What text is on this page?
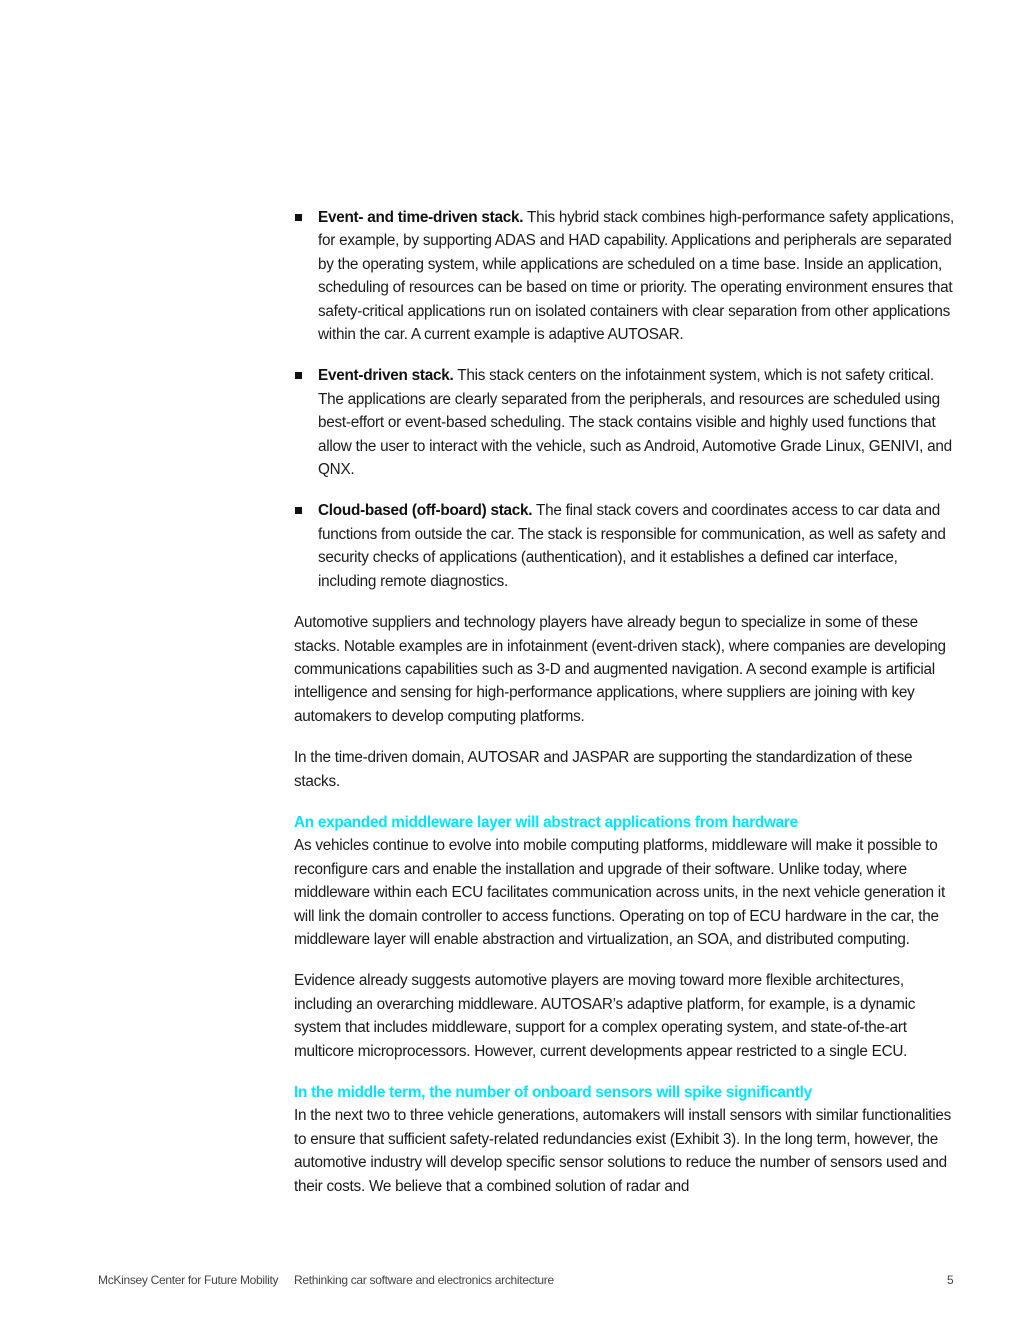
Event- and time-driven stack. This hybrid stack combines high-performance safety applications, for example, by supporting ADAS and HAD capability. Applications and peripherals are separated by the operating system, while applications are scheduled on a time base. Inside an application, scheduling of resources can be based on time or priority. The operating environment ensures that safety-critical applications run on isolated containers with clear separation from other applications within the car. A current example is adaptive AUTOSAR.
Event-driven stack. This stack centers on the infotainment system, which is not safety critical. The applications are clearly separated from the peripherals, and resources are scheduled using best-effort or event-based scheduling. The stack contains visible and highly used functions that allow the user to interact with the vehicle, such as Android, Automotive Grade Linux, GENIVI, and QNX.
Cloud-based (off-board) stack. The final stack covers and coordinates access to car data and functions from outside the car. The stack is responsible for communication, as well as safety and security checks of applications (authentication), and it establishes a defined car interface, including remote diagnostics.

Automotive suppliers and technology players have already begun to specialize in some of these stacks. Notable examples are in infotainment (event-driven stack), where companies are developing communications capabilities such as 3-D and augmented navigation. A second example is artificial intelligence and sensing for high-performance applications, where suppliers are joining with key automakers to develop computing platforms.

In the time-driven domain, AUTOSAR and JASPAR are supporting the standardization of these stacks.

An expanded middleware layer will abstract applications from hardware

As vehicles continue to evolve into mobile computing platforms, middleware will make it possible to reconfigure cars and enable the installation and upgrade of their software. Unlike today, where middleware within each ECU facilitates communication across units, in the next vehicle generation it will link the domain controller to access functions. Operating on top of ECU hardware in the car, the middleware layer will enable abstraction and virtualization, an SOA, and distributed computing.

Evidence already suggests automotive players are moving toward more flexible architectures, including an overarching middleware. AUTOSAR’s adaptive platform, for example, is a dynamic system that includes middleware, support for a complex operating system, and state-of-the-art multicore microprocessors. However, current developments appear restricted to a single ECU.

In the middle term, the number of onboard sensors will spike significantly

In the next two to three vehicle generations, automakers will install sensors with similar functionalities to ensure that sufficient safety-related redundancies exist (Exhibit 3). In the long term, however, the automotive industry will develop specific sensor solutions to reduce the number of sensors used and their costs. We believe that a combined solution of radar and

McKinsey Center for Future Mobility Rethinking car software and electronics architecture	5
